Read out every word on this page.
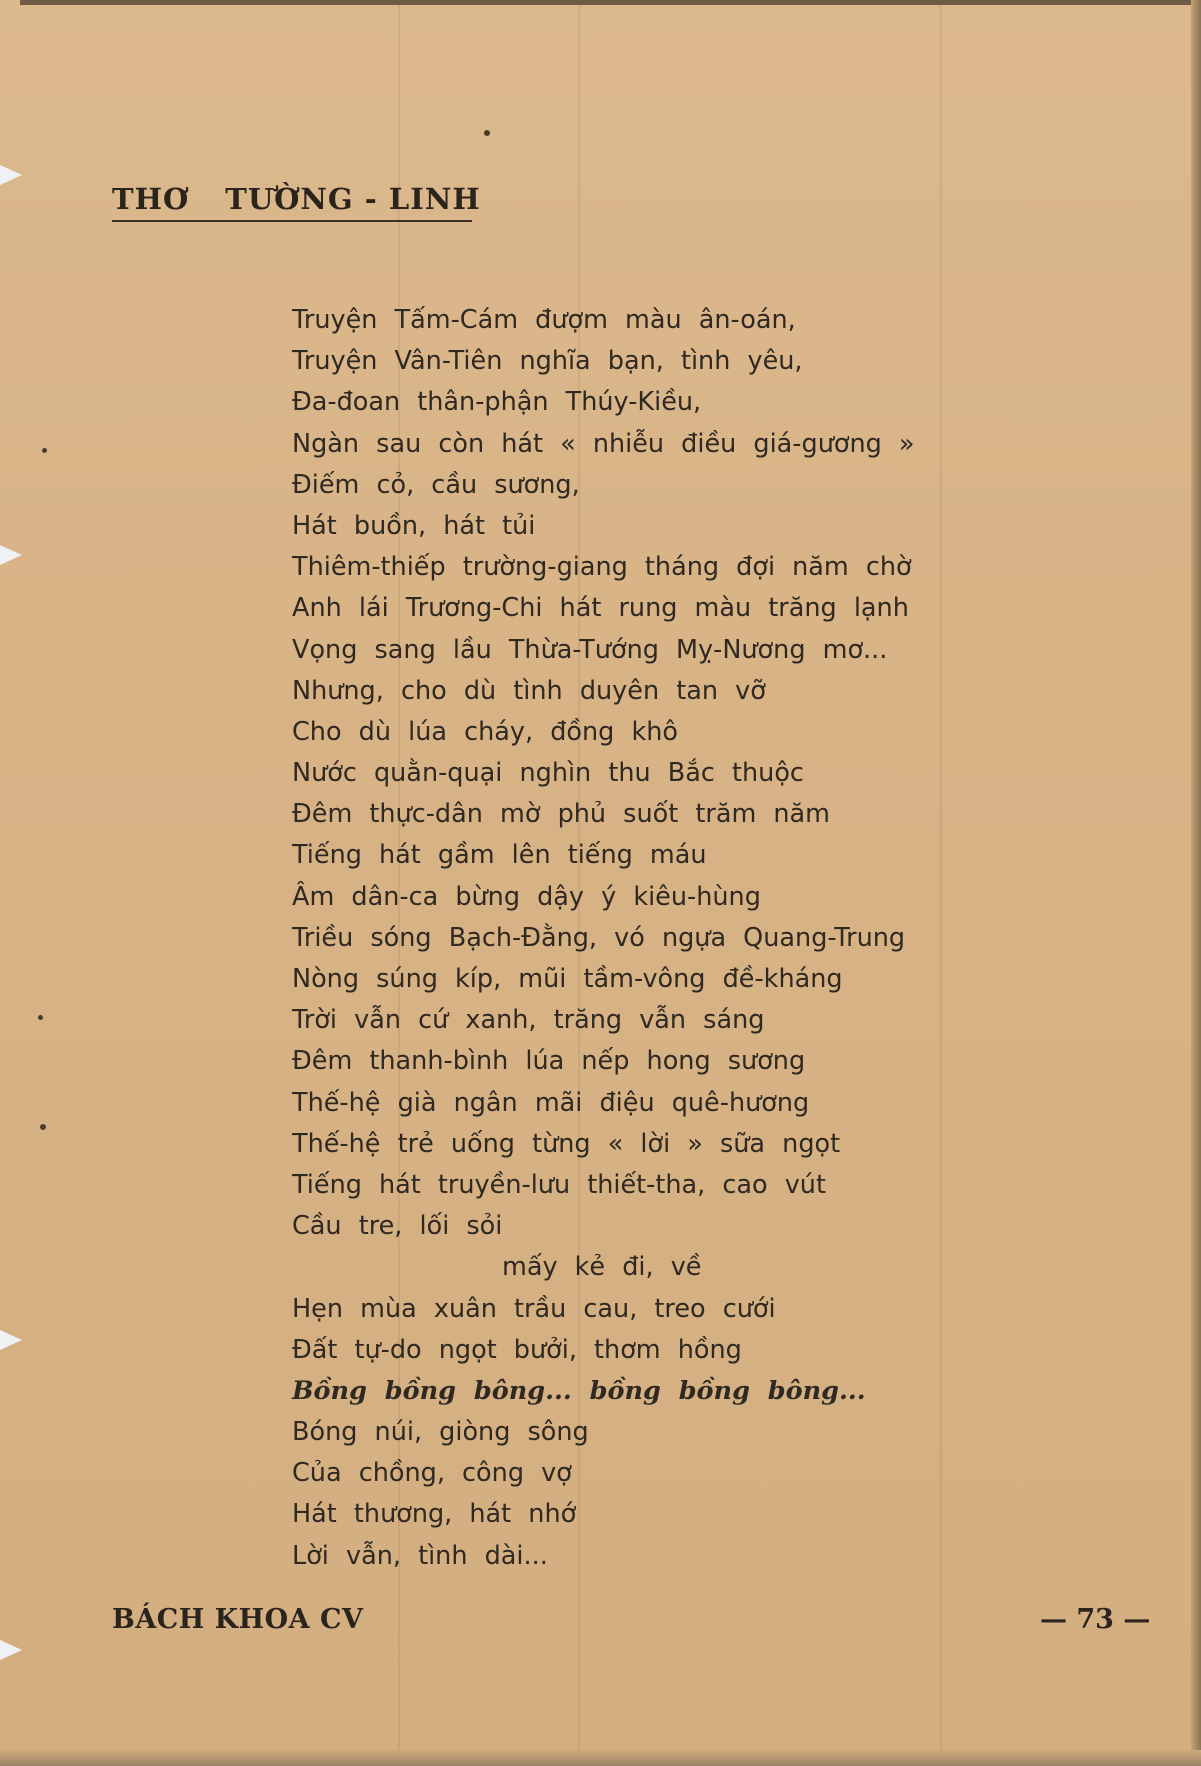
THƠ TƯỜNG - LINH
Truyện Tấm-Cám đượm màu ân-oán,
Truyện Vân-Tiên nghĩa bạn, tình yêu,
Đa-đoan thân-phận Thúy-Kiều,
Ngàn sau còn hát « nhiễu điều giá-gương »
Điếm cỏ, cầu sương,
Hát buồn, hát tủi
Thiêm-thiếp trường-giang tháng đợi năm chờ
Anh lái Trương-Chi hát rung màu trăng lạnh
Vọng sang lầu Thừa-Tướng Mỵ-Nương mơ...
Nhưng, cho dù tình duyên tan vỡ
Cho dù lúa cháy, đồng khô
Nước quằn-quại nghìn thu Bắc thuộc
Đêm thực-dân mờ phủ suốt trăm năm
Tiếng hát gầm lên tiếng máu
Âm dân-ca bừng dậy ý kiêu-hùng
Triều sóng Bạch-Đằng, vó ngựa Quang-Trung
Nòng súng kíp, mũi tầm-vông đề-kháng
Trời vẫn cứ xanh, trăng vẫn sáng
Đêm thanh-bình lúa nếp hong sương
Thế-hệ già ngân mãi điệu quê-hương
Thế-hệ trẻ uống từng « lời » sữa ngọt
Tiếng hát truyền-lưu thiết-tha, cao vút
Cầu tre, lối sỏi
mấy kẻ đi, về
Hẹn mùa xuân trầu cau, treo cưới
Đất tự-do ngọt bưởi, thơm hồng
Bồng bồng bông... bồng bồng bông...
Bóng núi, giòng sông
Của chồng, công vợ
Hát thương, hát nhớ
Lời vẫn, tình dài...
BÁCH KHOA CV	— 73 —
